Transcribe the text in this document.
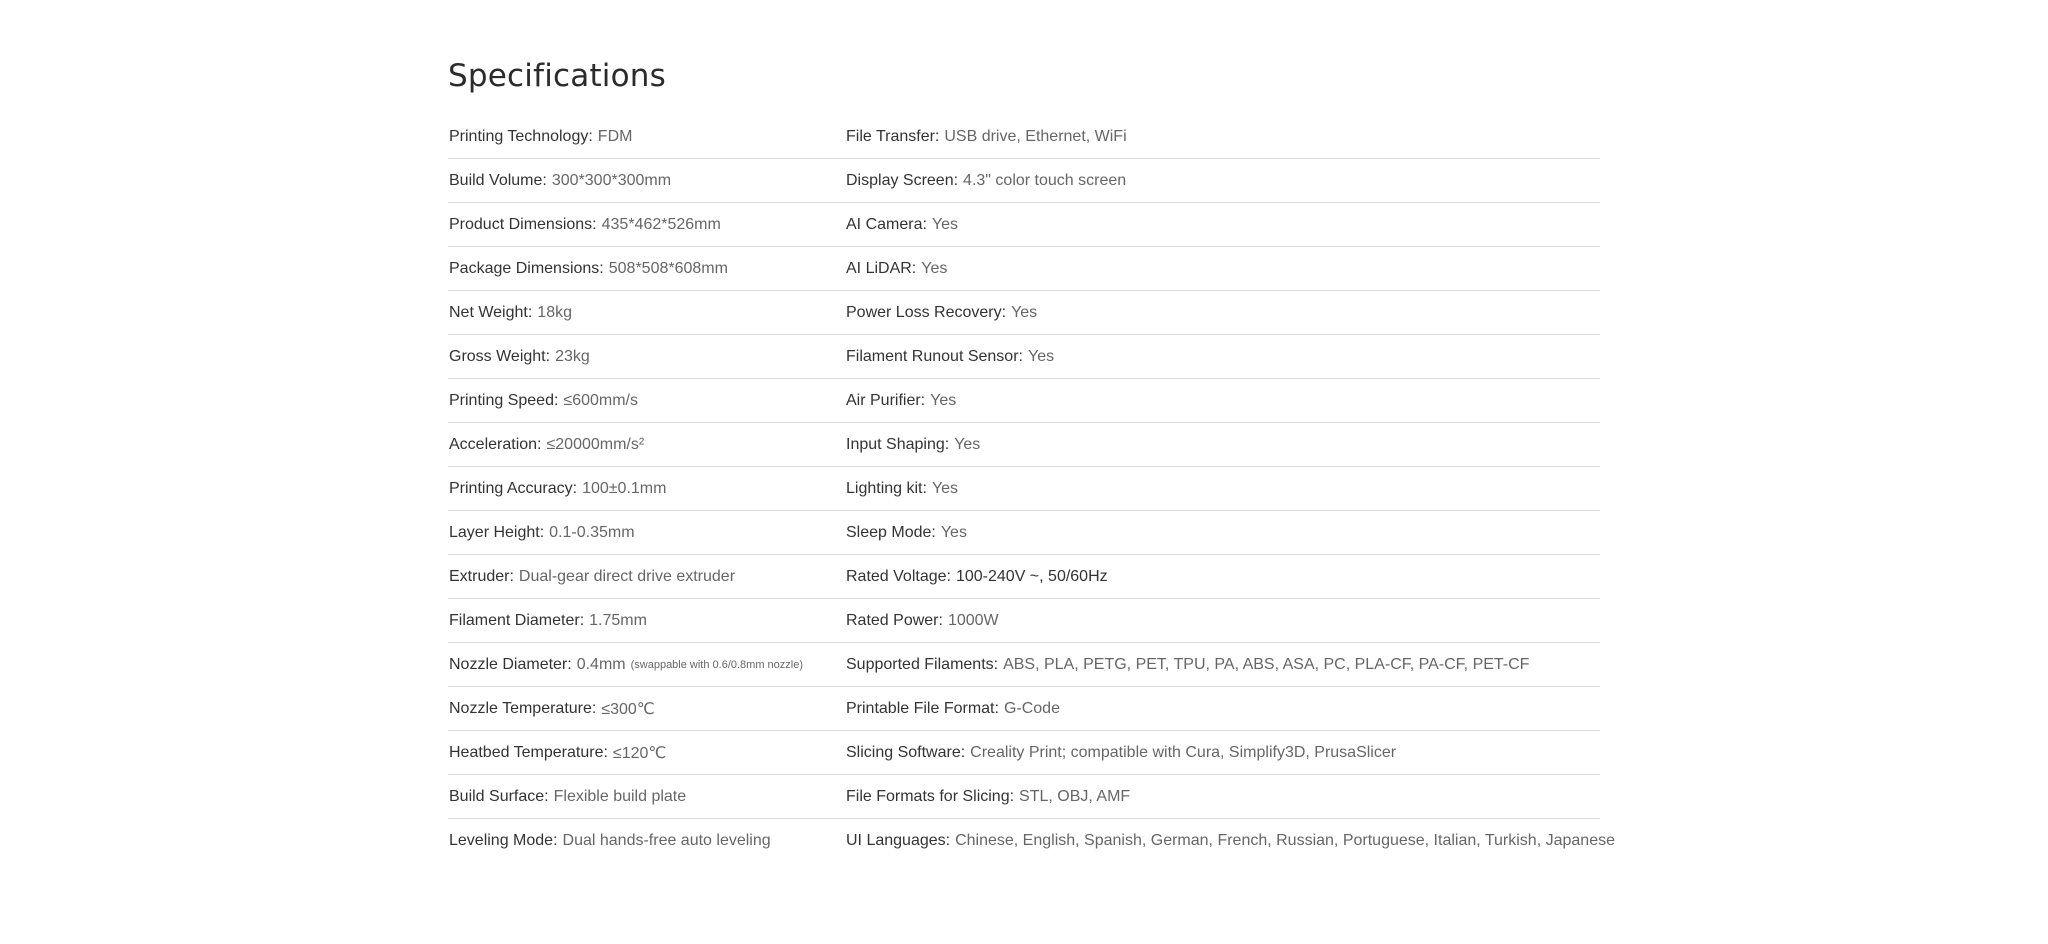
Specifications
Printing Technology: FDM	File Transfer: USB drive, Ethernet, WiFi
Build Volume: 300*300*300mm	Display Screen: 4.3" color touch screen
Product Dimensions: 435*462*526mm	AI Camera: Yes
Package Dimensions: 508*508*608mm	AI LiDAR: Yes
Net Weight: 18kg	Power Loss Recovery: Yes
Gross Weight: 23kg	Filament Runout Sensor: Yes
Printing Speed: ≤600mm/s	Air Purifier: Yes
Acceleration: ≤20000mm/s²	Input Shaping: Yes
Printing Accuracy: 100±0.1mm	Lighting kit: Yes
Layer Height: 0.1-0.35mm	Sleep Mode: Yes
Extruder: Dual-gear direct drive extruder	Rated Voltage: 100-240V ~, 50/60Hz
Filament Diameter: 1.75mm	Rated Power: 1000W
Nozzle Diameter: 0.4mm (swappable with 0.6/0.8mm nozzle)	Supported Filaments: ABS, PLA, PETG, PET, TPU, PA, ABS, ASA, PC, PLA-CF, PA-CF, PET-CF
Nozzle Temperature: ≤300℃	Printable File Format: G-Code
Heatbed Temperature: ≤120℃	Slicing Software: Creality Print; compatible with Cura, Simplify3D, PrusaSlicer
Build Surface: Flexible build plate	File Formats for Slicing: STL, OBJ, AMF
Leveling Mode: Dual hands-free auto leveling	UI Languages: Chinese, English, Spanish, German, French, Russian, Portuguese, Italian, Turkish, Japanese
